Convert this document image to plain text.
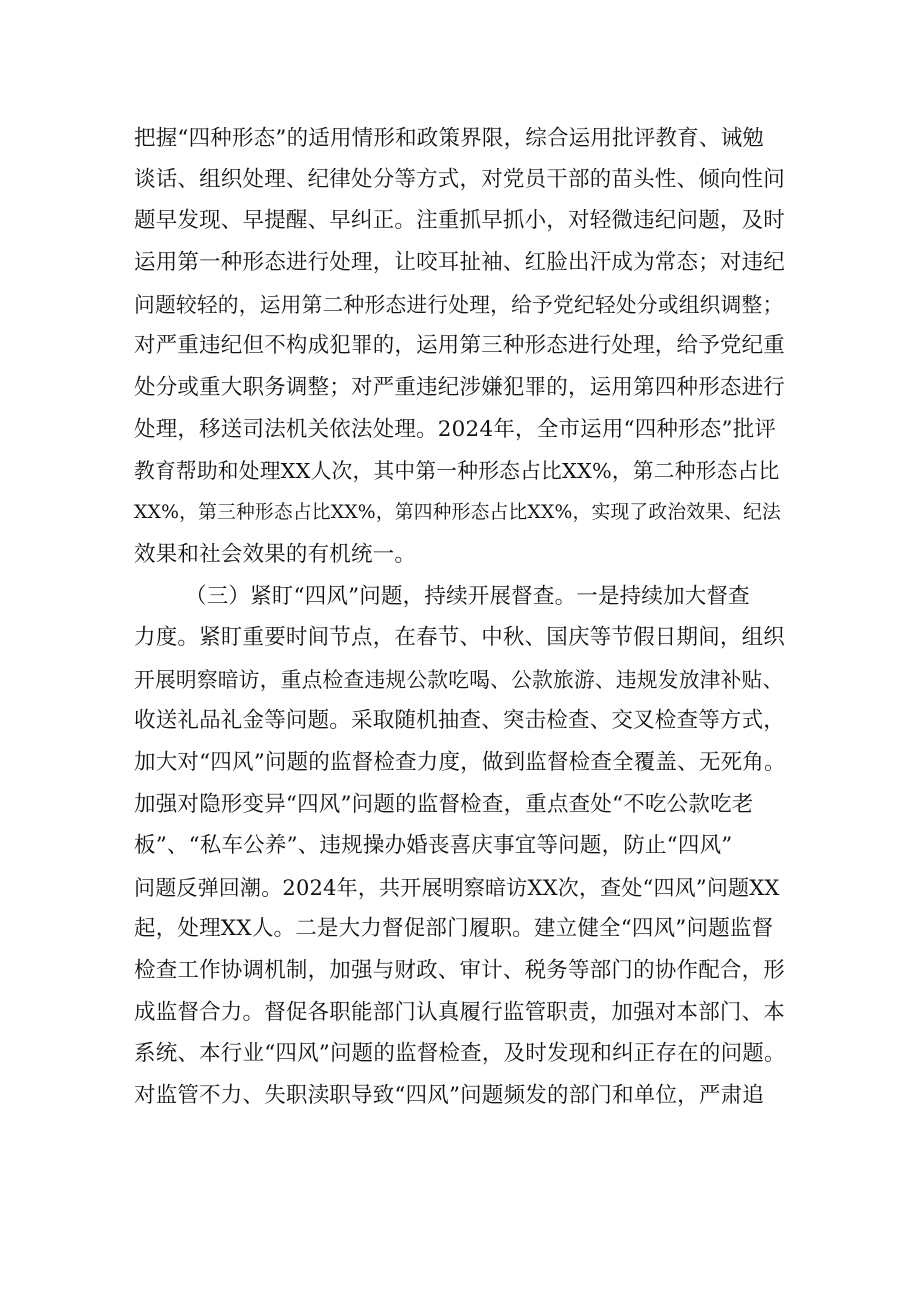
把握“四种形态”的适用情形和政策界限，综合运用批评教育、诫勉
谈话、组织处理、纪律处分等方式，对党员干部的苗头性、倾向性问
题早发现、早提醒、早纠正。注重抓早抓小，对轻微违纪问题，及时
运用第一种形态进行处理，让咬耳扯袖、红脸出汗成为常态；对违纪
问题较轻的，运用第二种形态进行处理，给予党纪轻处分或组织调整；
对严重违纪但不构成犯罪的，运用第三种形态进行处理，给予党纪重
处分或重大职务调整；对严重违纪涉嫌犯罪的，运用第四种形态进行
处理，移送司法机关依法处理。2024年，全市运用“四种形态”批评
教育帮助和处理XX人次，其中第一种形态占比XX%，第二种形态占比
XX%，第三种形态占比XX%，第四种形态占比XX%，实现了政治效果、纪法
效果和社会效果的有机统一。
（三）紧盯“四风”问题，持续开展督查。一是持续加大督查
力度。紧盯重要时间节点，在春节、中秋、国庆等节假日期间，组织
开展明察暗访，重点检查违规公款吃喝、公款旅游、违规发放津补贴、
收送礼品礼金等问题。采取随机抽查、突击检查、交叉检查等方式，
加大对“四风”问题的监督检查力度，做到监督检查全覆盖、无死角。
加强对隐形变异“四风”问题的监督检查，重点查处“不吃公款吃老
板”、“私车公养”、违规操办婚丧喜庆事宜等问题，防止“四风”
问题反弹回潮。2024年，共开展明察暗访XX次，查处“四风”问题XX
起，处理XX人。二是大力督促部门履职。建立健全“四风”问题监督
检查工作协调机制，加强与财政、审计、税务等部门的协作配合，形
成监督合力。督促各职能部门认真履行监管职责，加强对本部门、本
系统、本行业“四风”问题的监督检查，及时发现和纠正存在的问题。
对监管不力、失职渎职导致“四风”问题频发的部门和单位，严肃追
